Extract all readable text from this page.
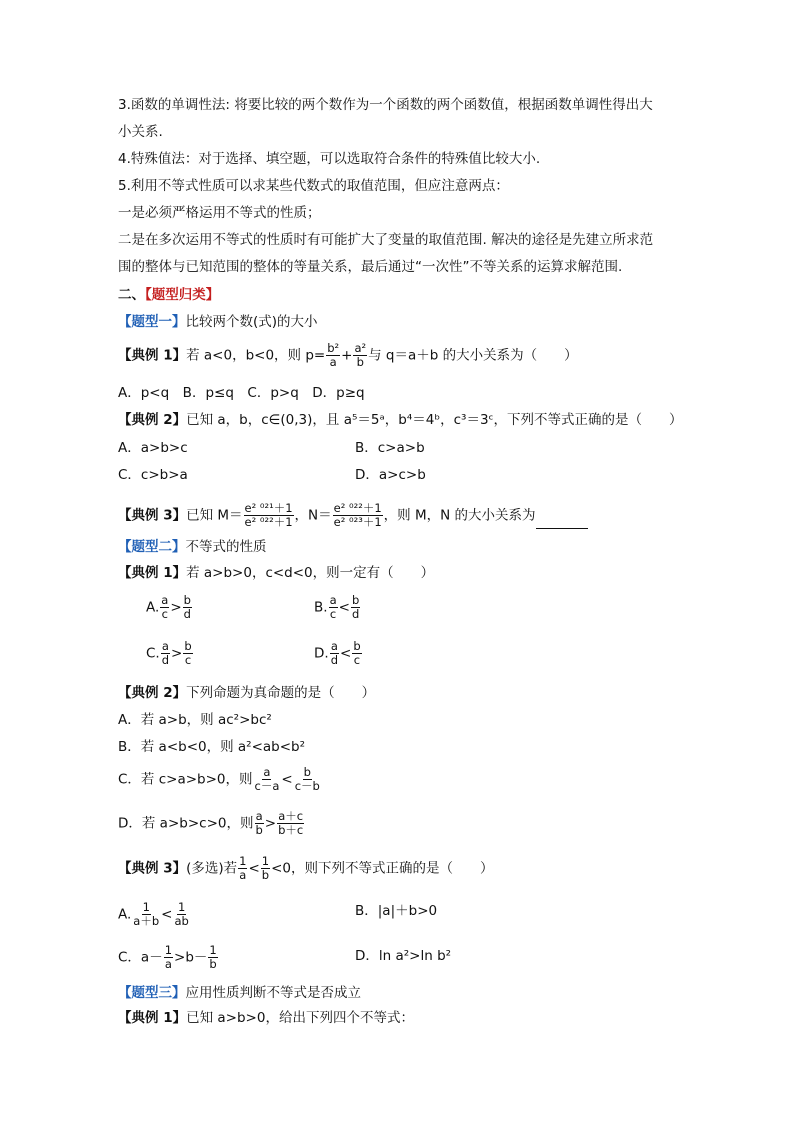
3.函数的单调性法: 将要比较的两个数作为一个函数的两个函数值，根据函数单调性得出大
小关系.
4.特殊值法：对于选择、填空题，可以选取符合条件的特殊值比较大小.
5.利用不等式性质可以求某些代数式的取值范围，但应注意两点：
一是必须严格运用不等式的性质；
二是在多次运用不等式的性质时有可能扩大了变量的取值范围. 解决的途径是先建立所求范
围的整体与已知范围的整体的等量关系，最后通过“一次性”不等关系的运算求解范围.
二、【题型归类】
【题型一】比较两个数(式)的大小
【典例 1】若 a<0，b<0，则 $p= \frac{\text{b²}}{a} + \frac{\text{a²}}{b}$ 与 q＝a＋b 的大小关系为（　　）
A．p<q　B．p≤q　C．p>q　D．p≥q
【典例 2】已知 a，b，c∈(0,3)，且 a⁵＝5ᵃ，b⁴＝4ᵇ，c³＝3ᶜ，下列不等式正确的是（　　）
A．a>b>c	B．c>a>b
C．c>b>a	D．a>c>b
【典例 3】已知 $M= \frac{\text{e² ⁰²¹＋1}}{\text{e² ⁰²²＋1}}$ ，$N= \frac{\text{e² ⁰²²＋1}}{\text{e² ⁰²³＋1}}$ ，则 M，N 的大小关系为
【题型二】不等式的性质
【典例 1】若 a>b>0，c<d<0，则一定有（　　）
A. $\frac{a}{c} > \frac{b}{d}$	B. $\frac{a}{c} < \frac{b}{d}$
C. $\frac{a}{d} > \frac{b}{c}$	D. $\frac{a}{d} < \frac{b}{c}$
【典例 2】下列命题为真命题的是（　　）
A．若 a>b，则 ac²>bc²
B．若 a<b<0，则 a²<ab<b²
C．若 c>a>b>0，则 $\frac{a}{c-a} < \frac{b}{c-b}$
D．若 a>b>c>0，则 $\frac{a}{b} > \frac{a+c}{b+c}$
【典例 3】(多选)若 $\frac{1}{a} < \frac{1}{b} <0$，则下列不等式正确的是（　　）
A. $\frac{1}{a+b} < \frac{1}{ab}$	B．|a|＋b>0
C．$a- \frac{1}{a} >b- \frac{1}{b}$	D．ln a²>ln b²
【题型三】应用性质判断不等式是否成立
【典例 1】已知 a>b>0，给出下列四个不等式：
